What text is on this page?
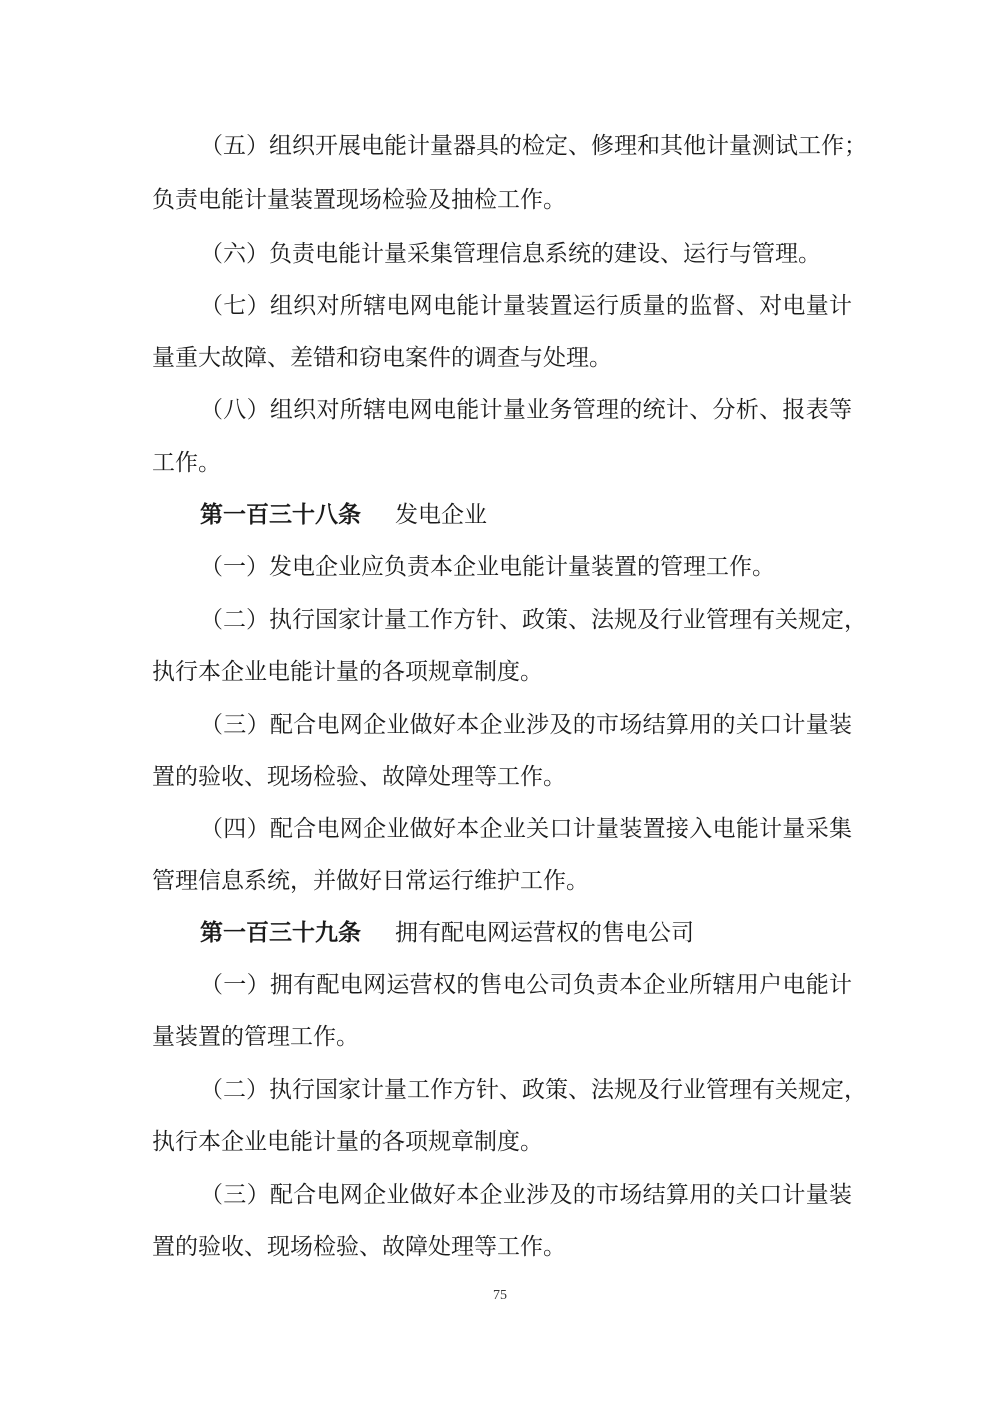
（五）组织开展电能计量器具的检定、修理和其他计量测试工作；
负责电能计量装置现场检验及抽检工作。
（六）负责电能计量采集管理信息系统的建设、运行与管理。
（七）组织对所辖电网电能计量装置运行质量的监督、对电量计
量重大故障、差错和窃电案件的调查与处理。
（八）组织对所辖电网电能计量业务管理的统计、分析、报表等
工作。
第一百三十八条 发电企业
（一）发电企业应负责本企业电能计量装置的管理工作。
（二）执行国家计量工作方针、政策、法规及行业管理有关规定，
执行本企业电能计量的各项规章制度。
（三）配合电网企业做好本企业涉及的市场结算用的关口计量装
置的验收、现场检验、故障处理等工作。
（四）配合电网企业做好本企业关口计量装置接入电能计量采集
管理信息系统，并做好日常运行维护工作。
第一百三十九条 拥有配电网运营权的售电公司
（一）拥有配电网运营权的售电公司负责本企业所辖用户电能计
量装置的管理工作。
（二）执行国家计量工作方针、政策、法规及行业管理有关规定，
执行本企业电能计量的各项规章制度。
（三）配合电网企业做好本企业涉及的市场结算用的关口计量装
置的验收、现场检验、故障处理等工作。
75
